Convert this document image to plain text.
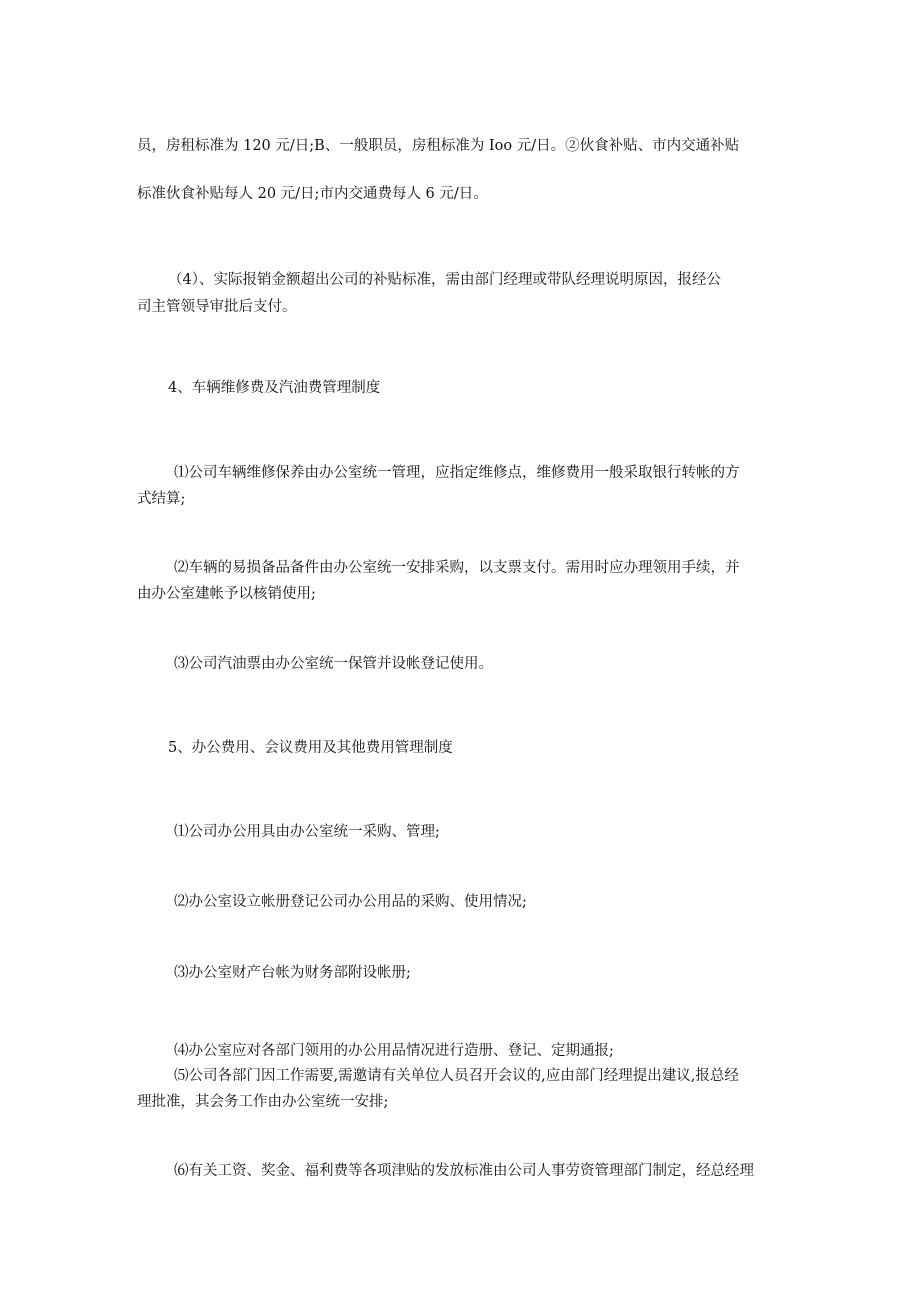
员，房租标准为 120 元/日;B、一般职员，房租标准为 Ioo 元/日。②伙食补贴、市内交通补贴

标准伙食补贴每人 20 元/日;市内交通费每人 6 元/日。

（4）、实际报销金额超出公司的补贴标准，需由部门经理或带队经理说明原因，报经公

司主管领导审批后支付。

4、车辆维修费及汽油费管理制度

⑴公司车辆维修保养由办公室统一管理，应指定维修点，维修费用一般采取银行转帐的方

式结算;

⑵车辆的易损备品备件由办公室统一安排采购，以支票支付。需用时应办理领用手续，并

由办公室建帐予以核销使用;

⑶公司汽油票由办公室统一保管并设帐登记使用。

5、办公费用、会议费用及其他费用管理制度

⑴公司办公用具由办公室统一采购、管理;

⑵办公室设立帐册登记公司办公用品的采购、使用情况;

⑶办公室财产台帐为财务部附设帐册;

⑷办公室应对各部门领用的办公用品情况进行造册、登记、定期通报;

⑸公司各部门因工作需要,需邀请有关单位人员召开会议的,应由部门经理提出建议,报总经

理批准，其会务工作由办公室统一安排;

⑹有关工资、奖金、福利费等各项津贴的发放标准由公司人事劳资管理部门制定，经总经理
